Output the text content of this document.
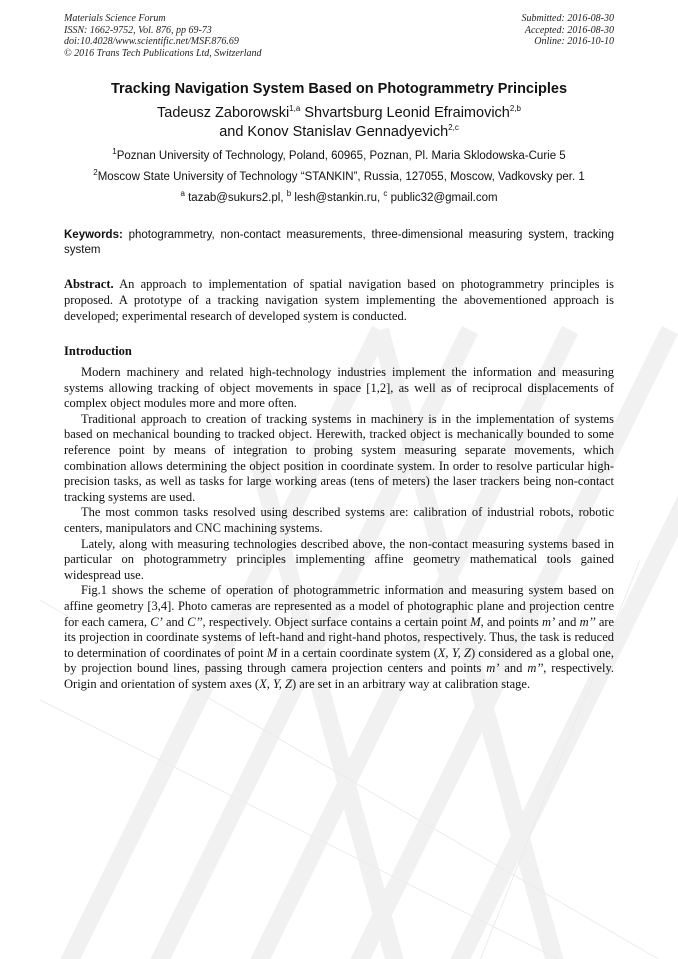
Materials Science Forum
ISSN: 1662-9752, Vol. 876, pp 69-73
doi:10.4028/www.scientific.net/MSF.876.69
© 2016 Trans Tech Publications Ltd, Switzerland
Submitted: 2016-08-30
Accepted: 2016-08-30
Online: 2016-10-10
Tracking Navigation System Based on Photogrammetry Principles
Tadeusz Zaborowski$^{1,a}$ Shvartsburg Leonid Efraimovich$^{2,b}$
and Konov Stanislav Gennadyevich$^{2,c}$
$^1$Poznan University of Technology, Poland, 60965, Poznan, Pl. Maria Sklodowska-Curie 5
$^2$Moscow State University of Technology “STANKIN”, Russia, 127055, Moscow, Vadkovsky per. 1
$^a$ tazab@sukurs2.pl, $^b$ lesh@stankin.ru, $^c$ public32@gmail.com
Keywords: photogrammetry, non-contact measurements, three-dimensional measuring system, tracking system
Abstract. An approach to implementation of spatial navigation based on photogrammetry principles is proposed. A prototype of a tracking navigation system implementing the abovementioned approach is developed; experimental research of developed system is conducted.
Introduction

Modern machinery and related high-technology industries implement the information and measuring systems allowing tracking of object movements in space [1,2], as well as of reciprocal displacements of complex object modules more and more often.

Traditional approach to creation of tracking systems in machinery is in the implementation of systems based on mechanical bounding to tracked object. Herewith, tracked object is mechanically bounded to some reference point by means of integration to probing system measuring separate movements, which combination allows determining the object position in coordinate system. In order to resolve particular high-precision tasks, as well as tasks for large working areas (tens of meters) the laser trackers being non-contact tracking systems are used.

The most common tasks resolved using described systems are: calibration of industrial robots, robotic centers, manipulators and CNC machining systems.

Lately, along with measuring technologies described above, the non-contact measuring systems based in particular on photogrammetry principles implementing affine geometry mathematical tools gained widespread use.

Fig.1 shows the scheme of operation of photogrammetric information and measuring system based on affine geometry [3,4]. Photo cameras are represented as a model of photographic plane and projection centre for each camera, C’ and C’’, respectively. Object surface contains a certain point M, and points m’ and m’’ are its projection in coordinate systems of left-hand and right-hand photos, respectively. Thus, the task is reduced to determination of coordinates of point M in a certain coordinate system (X, Y, Z) considered as a global one, by projection bound lines, passing through camera projection centers and points m’ and m’’, respectively. Origin and orientation of system axes (X, Y, Z) are set in an arbitrary way at calibration stage.
